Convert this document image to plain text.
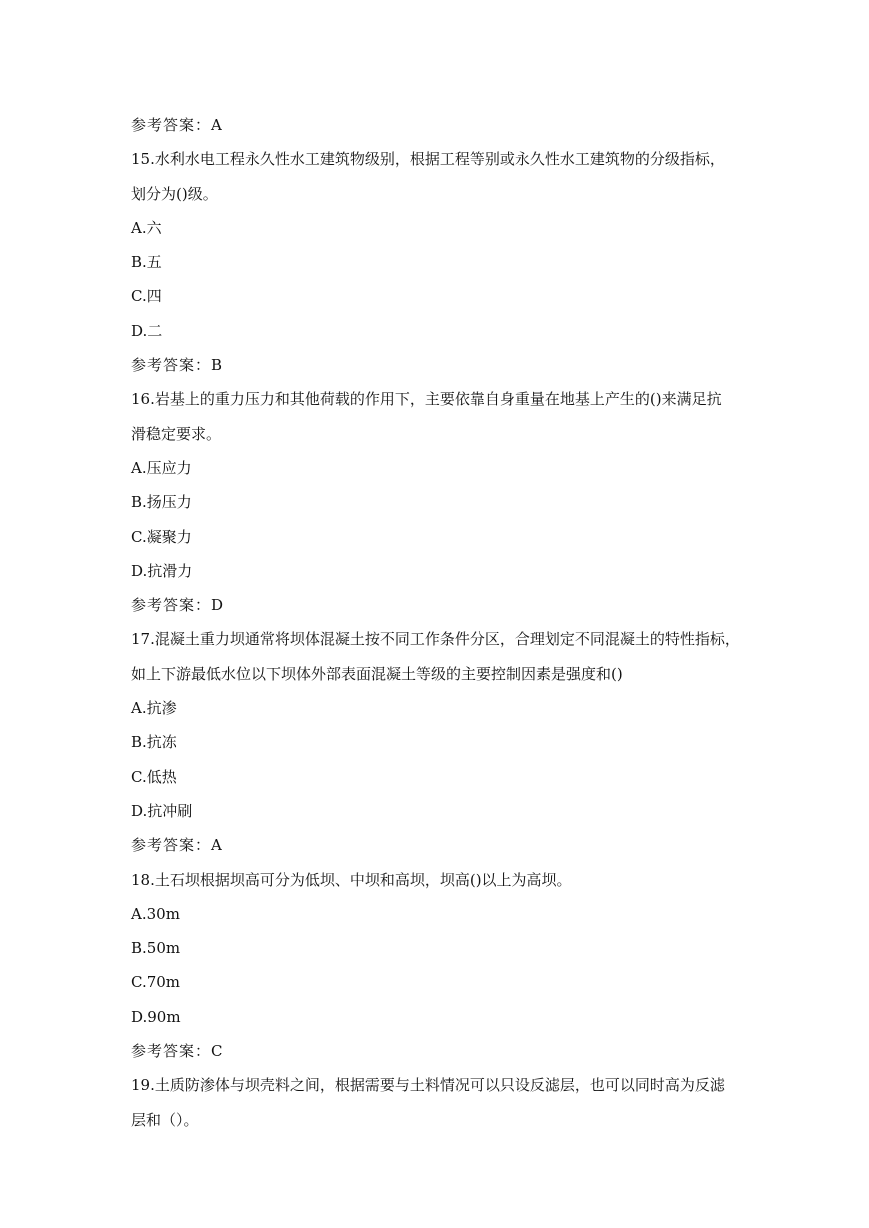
参考答案：A
15.水利水电工程永久性水工建筑物级别，根据工程等别或永久性水工建筑物的分级指标，
划分为()级。
A.六
B.五
C.四
D.二
参考答案：B
16.岩基上的重力压力和其他荷载的作用下，主要依靠自身重量在地基上产生的()来满足抗
滑稳定要求。
A.压应力
B.扬压力
C.凝聚力
D.抗滑力
参考答案：D
17.混凝土重力坝通常将坝体混凝土按不同工作条件分区，合理划定不同混凝土的特性指标，
如上下游最低水位以下坝体外部表面混凝土等级的主要控制因素是强度和()
A.抗渗
B.抗冻
C.低热
D.抗冲刷
参考答案：A
18.土石坝根据坝高可分为低坝、中坝和高坝，坝高()以上为高坝。
A.30m
B.50m
C.70m
D.90m
参考答案：C
19.土质防渗体与坝壳料之间，根据需要与土料情况可以只设反滤层，也可以同时高为反滤
层和（）。
